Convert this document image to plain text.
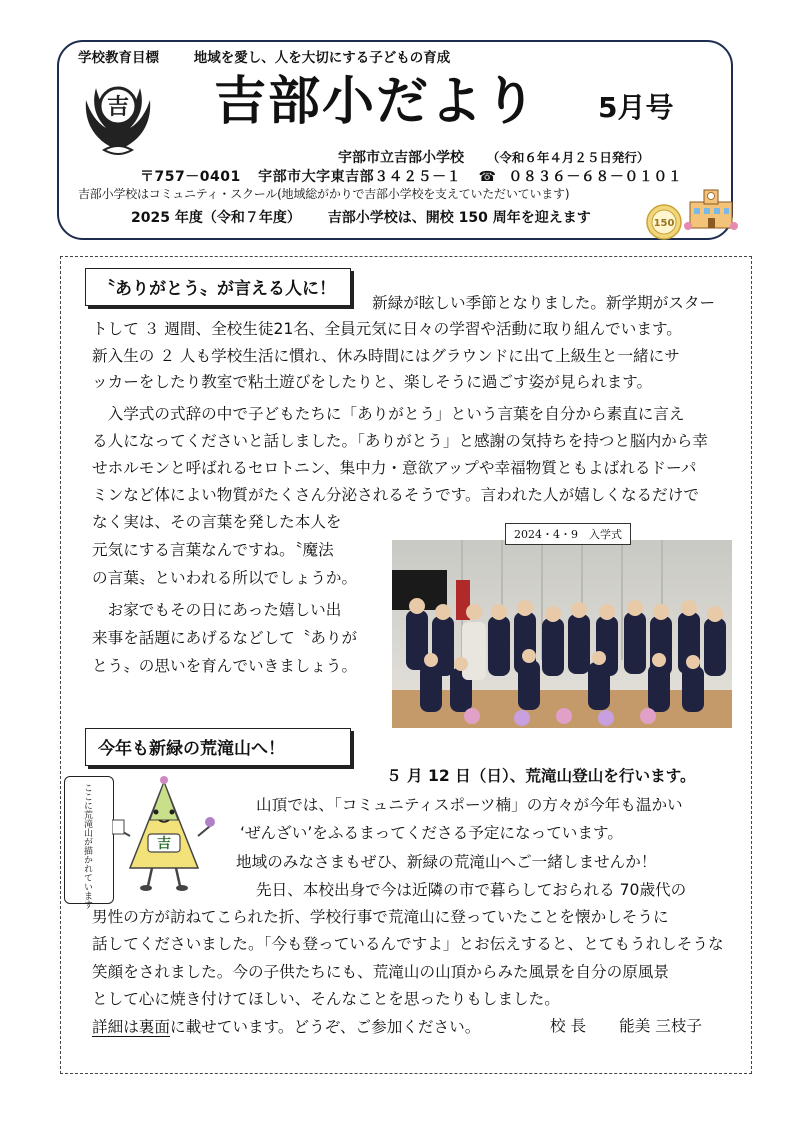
学校教育目標	地域を愛し、人を大切にする子どもの育成
吉 吉部小だより 5月号
宇部市立吉部小学校 （令和６年４月２５日発行）
〒757－0401 宇部市大字東吉部３４２５－１ ☎ ０８３６－６８－０１０１
吉部小学校はコミュニティ・スクール(地域総がかりで吉部小学校を支えていただいています)
2025 年度（令和７年度） 吉部小学校は、開校 150 周年を迎えます	150
〝ありがとう〟が言える人に！
新緑が眩しい季節となりました。新学期がスター
トして ３ 週間、全校生徒21名、全員元気に日々の学習や活動に取り組んでいます。
新入生の ２ 人も学校生活に慣れ、休み時間にはグラウンドに出て上級生と一緒にサ
ッカーをしたり教室で粘土遊びをしたりと、楽しそうに過ごす姿が見られます。
　入学式の式辞の中で子どもたちに「ありがとう」という言葉を自分から素直に言え
る人になってくださいと話しました。「ありがとう」と感謝の気持ちを持つと脳内から幸
せホルモンと呼ばれるセロトニン、集中力・意欲アップや幸福物質ともよばれるドーパ
ミンなど体によい物質がたくさん分泌されるそうです。言われた人が嬉しくなるだけで
なく実は、その言葉を発した本人を
元気にする言葉なんですね。〝魔法
の言葉〟といわれる所以でしょうか。
　お家でもその日にあった嬉しい出
来事を話題にあげるなどして〝ありが
とう〟の思いを育んでいきましょう。
2024・4・9　入学式
今年も新緑の荒滝山へ！
ここに荒滝山が描かれています	吉
５ 月 12 日（日）、荒滝山登山を行います。
山頂では、「コミュニティスポーツ楠」の方々が今年も温かい
‘ぜんざい’をふるまってくださる予定になっています。
地域のみなさまもぜひ、新緑の荒滝山へご一緒しませんか！
先日、本校出身で今は近隣の市で暮らしておられる 70歳代の
男性の方が訪ねてこられた折、学校行事で荒滝山に登っていたことを懐かしそうに
話してくださいました。「今も登っているんですよ」とお伝えすると、とてもうれしそうな
笑顔をされました。今の子供たちにも、荒滝山の山頂からみた風景を自分の原風景
として心に焼き付けてほしい、そんなことを思ったりもしました。
詳細は裏面に載せています。どうぞ、ご参加ください。	校 長 能美 三枝子
